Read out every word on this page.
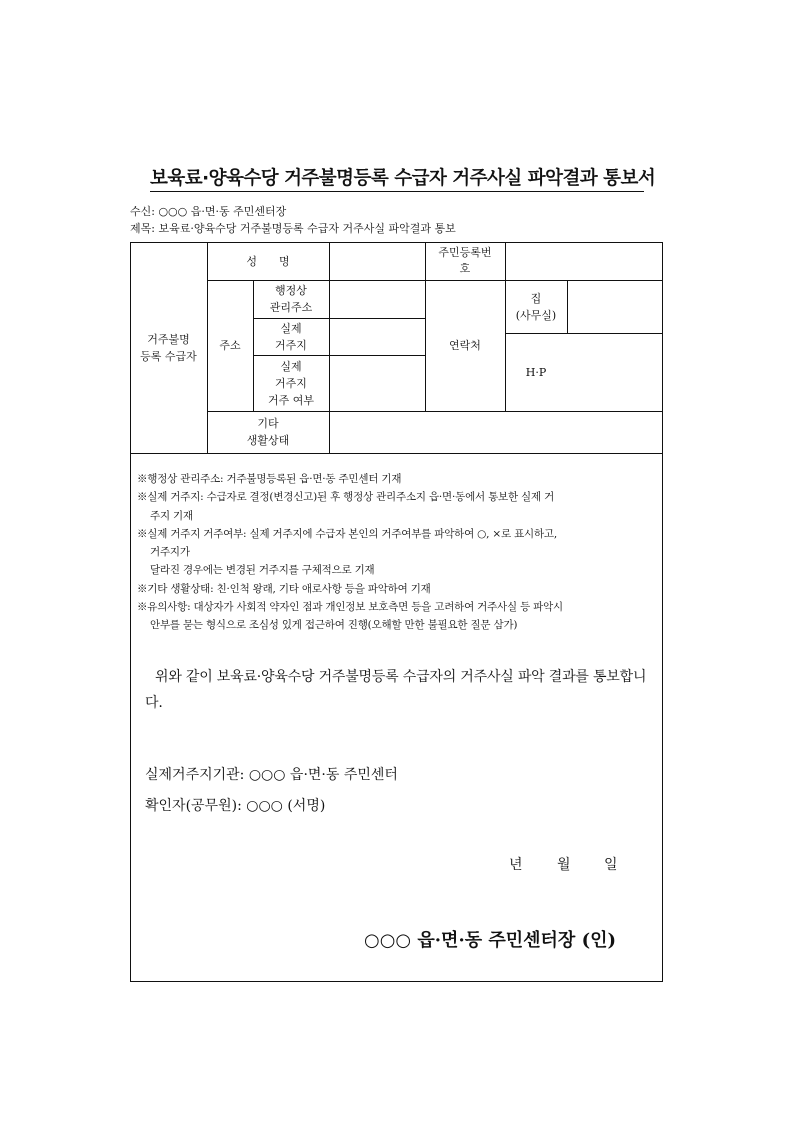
보육료·양육수당 거주불명등록 수급자 거주사실 파악결과 통보서
수신: ○○○ 읍·면·동 주민센터장
제목: 보육료·양육수당 거주불명등록 수급자 거주사실 파악결과 통보
거주불명
등록 수급자
성　　명
주민등록번
호
주소
행정상
관리주소
실제
거주지
실제
거주지
거주 여부
연락처
집
(사무실)
H·P
기타
생활상태
※행정상 관리주소: 거주불명등록된 읍·면·동 주민센터 기재
※실제 거주지: 수급자로 결정(변경신고)된 후 행정상 관리주소지 읍·면·동에서 통보한 실제 거
주지 기재
※실제 거주지 거주여부: 실제 거주지에 수급자 본인의 거주여부를 파악하여 ○, ×로 표시하고,
거주지가
달라진 경우에는 변경된 거주지를 구체적으로 기재
※기타 생활상태: 친·인척 왕래, 기타 애로사항 등을 파악하여 기재
※유의사항: 대상자가 사회적 약자인 점과 개인정보 보호측면 등을 고려하여 거주사실 등 파악시
안부를 묻는 형식으로 조심성 있게 접근하여 진행(오해할 만한 불필요한 질문 삼가)
위와 같이 보육료·양육수당 거주불명등록 수급자의 거주사실 파악 결과를 통보합니다.
실제거주지기관: ○○○ 읍·면·동 주민센터
확인자(공무원): ○○○ (서명)
년 월 일
○○○ 읍·면·동 주민센터장 (인)
